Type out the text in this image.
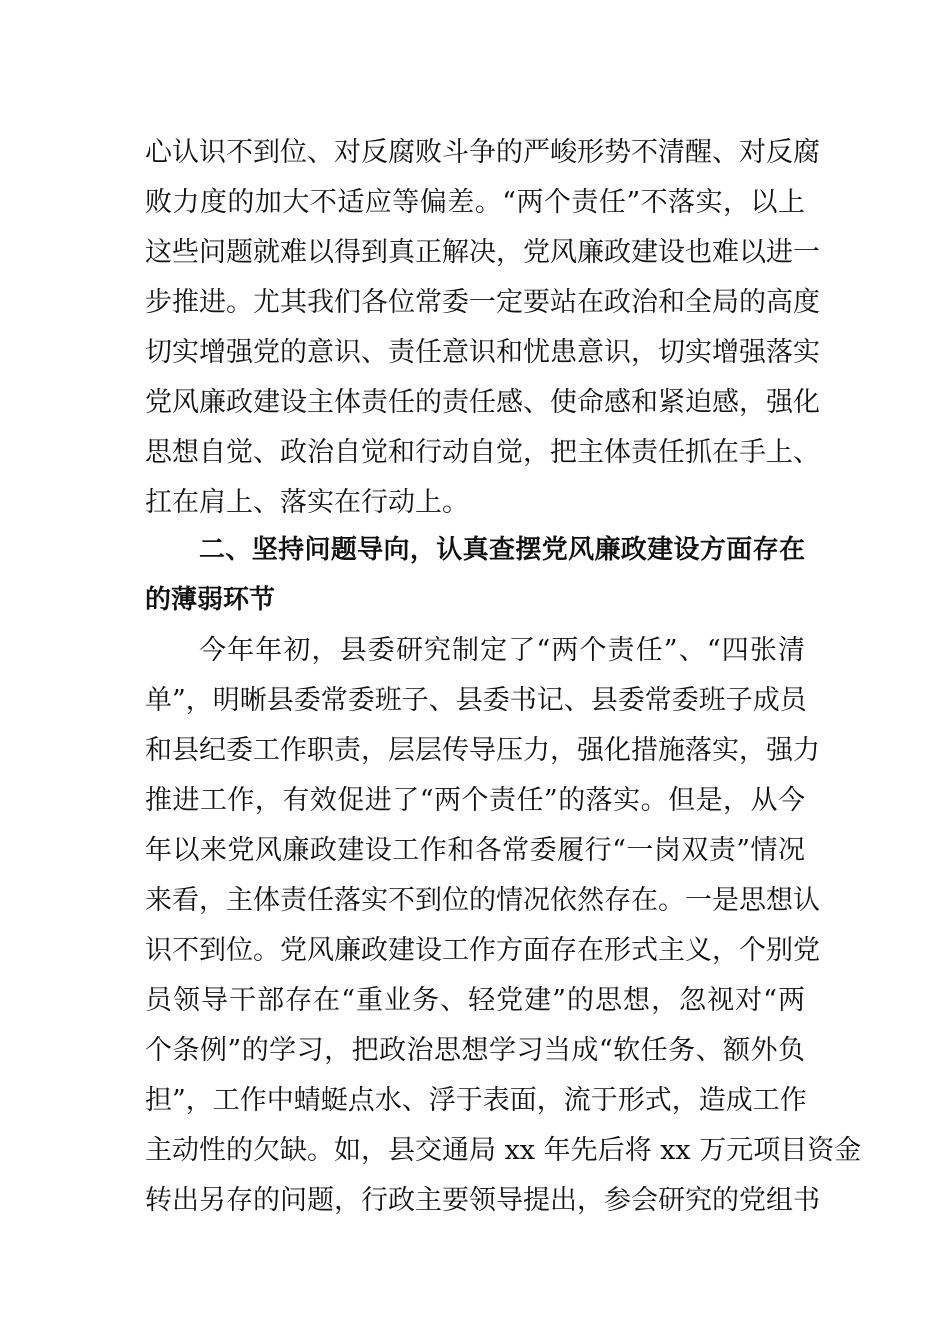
心认识不到位、对反腐败斗争的严峻形势不清醒、对反腐
败力度的加大不适应等偏差。“两个责任”不落实，以上
这些问题就难以得到真正解决，党风廉政建设也难以进一
步推进。尤其我们各位常委一定要站在政治和全局的高度
切实增强党的意识、责任意识和忧患意识，切实增强落实
党风廉政建设主体责任的责任感、使命感和紧迫感，强化
思想自觉、政治自觉和行动自觉，把主体责任抓在手上、
扛在肩上、落实在行动上。
二、坚持问题导向，认真查摆党风廉政建设方面存在
的薄弱环节
今年年初，县委研究制定了“两个责任”、“四张清
单”，明晰县委常委班子、县委书记、县委常委班子成员
和县纪委工作职责，层层传导压力，强化措施落实，强力
推进工作，有效促进了“两个责任”的落实。但是，从今
年以来党风廉政建设工作和各常委履行“一岗双责”情况
来看，主体责任落实不到位的情况依然存在。一是思想认
识不到位。党风廉政建设工作方面存在形式主义，个别党
员领导干部存在“重业务、轻党建”的思想，忽视对“两
个条例”的学习，把政治思想学习当成“软任务、额外负
担”，工作中蜻蜓点水、浮于表面，流于形式，造成工作
主动性的欠缺。如，县交通局 xx 年先后将 xx 万元项目资金
转出另存的问题，行政主要领导提出，参会研究的党组书
